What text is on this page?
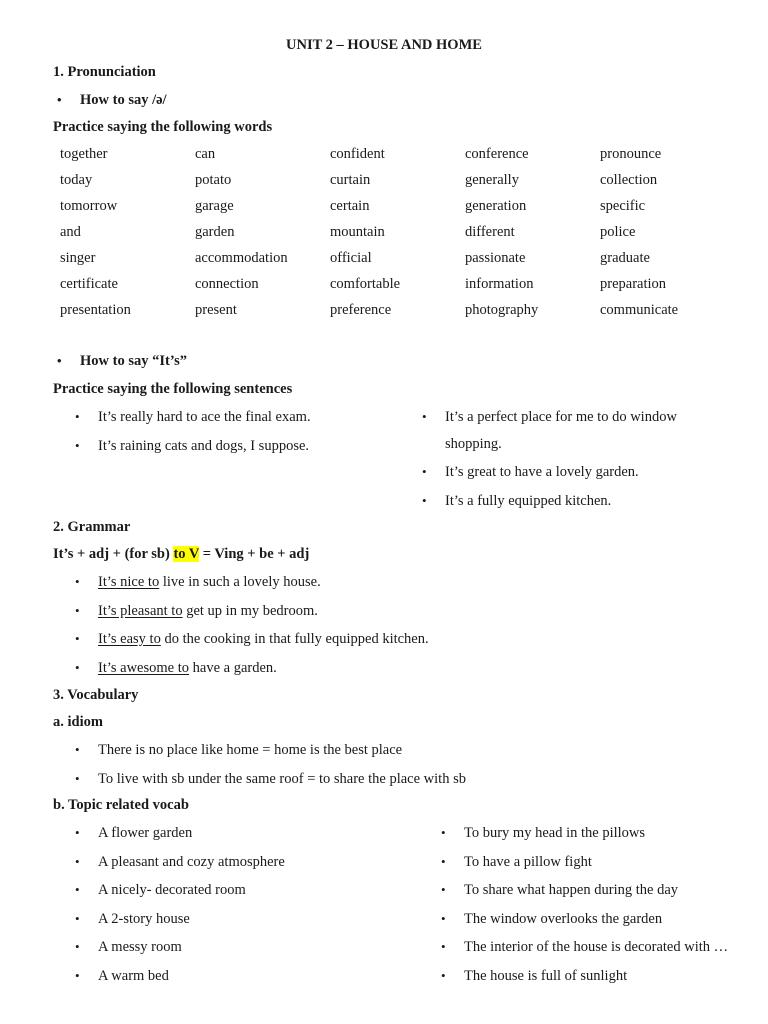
UNIT 2 – HOUSE AND HOME
1. Pronunciation
• How to say /ə/
Practice saying the following words
together	can	confident	conference	pronounce
today	potato	curtain	generally	collection
tomorrow	garage	certain	generation	specific
and	garden	mountain	different	police
singer	accommodation	official	passionate	graduate
certificate	connection	comfortable	information	preparation
presentation	present	preference	photography	communicate
• How to say “It’s”
Practice saying the following sentences
• It’s really hard to ace the final exam.
• It’s raining cats and dogs, I suppose.
• It’s a perfect place for me to do window
shopping.
• It’s great to have a lovely garden.
• It’s a fully equipped kitchen.
2. Grammar
It’s + adj + (for sb) to V = Ving + be + adj
• It’s nice to live in such a lovely house.
• It’s pleasant to get up in my bedroom.
• It’s easy to do the cooking in that fully equipped kitchen.
• It’s awesome to have a garden.
3. Vocabulary
a. idiom
• There is no place like home = home is the best place
• To live with sb under the same roof = to share the place with sb
b. Topic related vocab
• A flower garden
• A pleasant and cozy atmosphere
• A nicely- decorated room
• A 2-story house
• A messy room
• A warm bed
• To bury my head in the pillows
• To have a pillow fight
• To share what happen during the day
• The window overlooks the garden
• The interior of the house is decorated with …
• The house is full of sunlight
